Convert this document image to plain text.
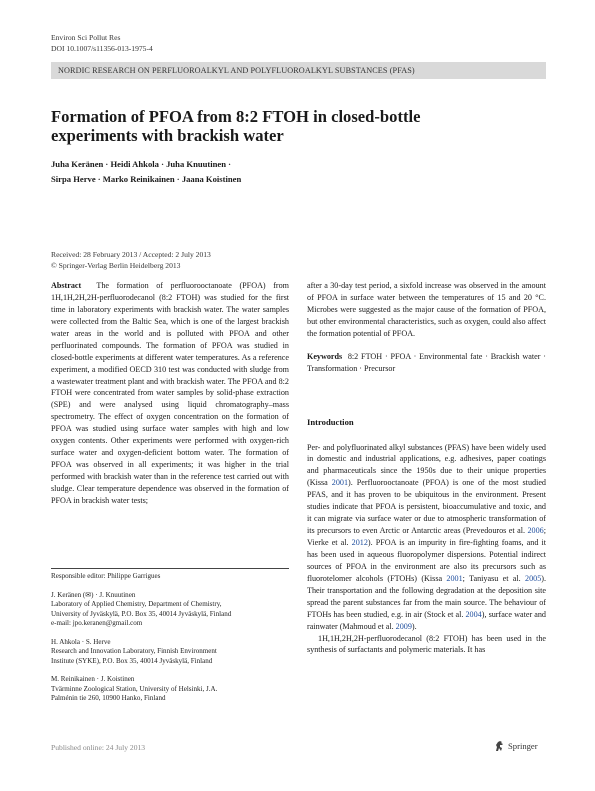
Environ Sci Pollut Res
DOI 10.1007/s11356-013-1975-4
NORDIC RESEARCH ON PERFLUOROALKYL AND POLYFLUOROALKYL SUBSTANCES (PFAS)
Formation of PFOA from 8:2 FTOH in closed-bottle experiments with brackish water
Juha Keränen · Heidi Ahkola · Juha Knuutinen ·
Sirpa Herve · Marko Reinikainen · Jaana Koistinen
Received: 28 February 2013 / Accepted: 2 July 2013
© Springer-Verlag Berlin Heidelberg 2013

Abstract The formation of perfluorooctanoate (PFOA) from 1H,1H,2H,2H-perfluorodecanol (8:2 FTOH) was studied for the first time in laboratory experiments with brackish water. The water samples were collected from the Baltic Sea, which is one of the largest brackish water areas in the world and is polluted with PFOA and other perfluorinated compounds. The formation of PFOA was studied in closed-bottle experiments at different water temperatures. As a reference experiment, a modified OECD 310 test was conducted with sludge from a wastewater treatment plant and with brackish water. The PFOA and 8:2 FTOH were concentrated from water samples by solid-phase extraction (SPE) and were analysed using liquid chromatography–mass spectrometry. The effect of oxygen concentration on the formation of PFOA was studied using surface water samples with high and low oxygen contents. Other experiments were performed with oxygen-rich surface water and oxygen-deficient bottom water. The formation of PFOA was observed in all experiments; it was higher in the trial performed with brackish water than in the reference test carried out with sludge. Clear temperature dependence was observed in the formation of PFOA in brackish water tests;

after a 30-day test period, a sixfold increase was observed in the amount of PFOA in surface water between the temperatures of 15 and 20 °C. Microbes were suggested as the major cause of the formation of PFOA, but other environmental characteristics, such as oxygen, could also affect the formation potential of PFOA.

Keywords 8:2 FTOH · PFOA · Environmental fate · Brackish water · Transformation · Precursor

Introduction

Per- and polyfluorinated alkyl substances (PFAS) have been widely used in domestic and industrial applications, e.g. adhesives, paper coatings and pharmaceuticals since the 1950s due to their unique properties (Kissa 2001). Perfluorooctanoate (PFOA) is one of the most studied PFAS, and it has proven to be ubiquitous in the environment. Present studies indicate that PFOA is persistent, bioaccumulative and toxic, and it can migrate via surface water or due to atmospheric transformation of its precursors to even Arctic or Antarctic areas (Prevedouros et al. 2006; Vierke et al. 2012). PFOA is an impurity in fire-fighting foams, and it has been used in aqueous fluoropolymer dispersions. Potential indirect sources of PFOA in the environment are also its precursors such as fluorotelomer alcohols (FTOHs) (Kissa 2001; Taniyasu et al. 2005). Their transportation and the following degradation at the deposition site spread the parent substances far from the main source. The behaviour of FTOHs has been studied, e.g. in air (Stock et al. 2004), surface water and rainwater (Mahmoud et al. 2009).

1H,1H,2H,2H-perfluorodecanol (8:2 FTOH) has been used in the synthesis of surfactants and polymeric materials. It has

Responsible editor: Philippe Garrigues
J. Keränen (✉) · J. Knuutinen
Laboratory of Applied Chemistry, Department of Chemistry,
University of Jyväskylä, P.O. Box 35, 40014 Jyväskylä, Finland
e-mail: jpo.keranen@gmail.com
H. Ahkola · S. Herve
Research and Innovation Laboratory, Finnish Environment
Institute (SYKE), P.O. Box 35, 40014 Jyväskylä, Finland
M. Reinikainen · J. Koistinen
Tvärminne Zoological Station, University of Helsinki, J.A.
Palménin tie 260, 10900 Hanko, Finland
Published online: 24 July 2013	Springer
